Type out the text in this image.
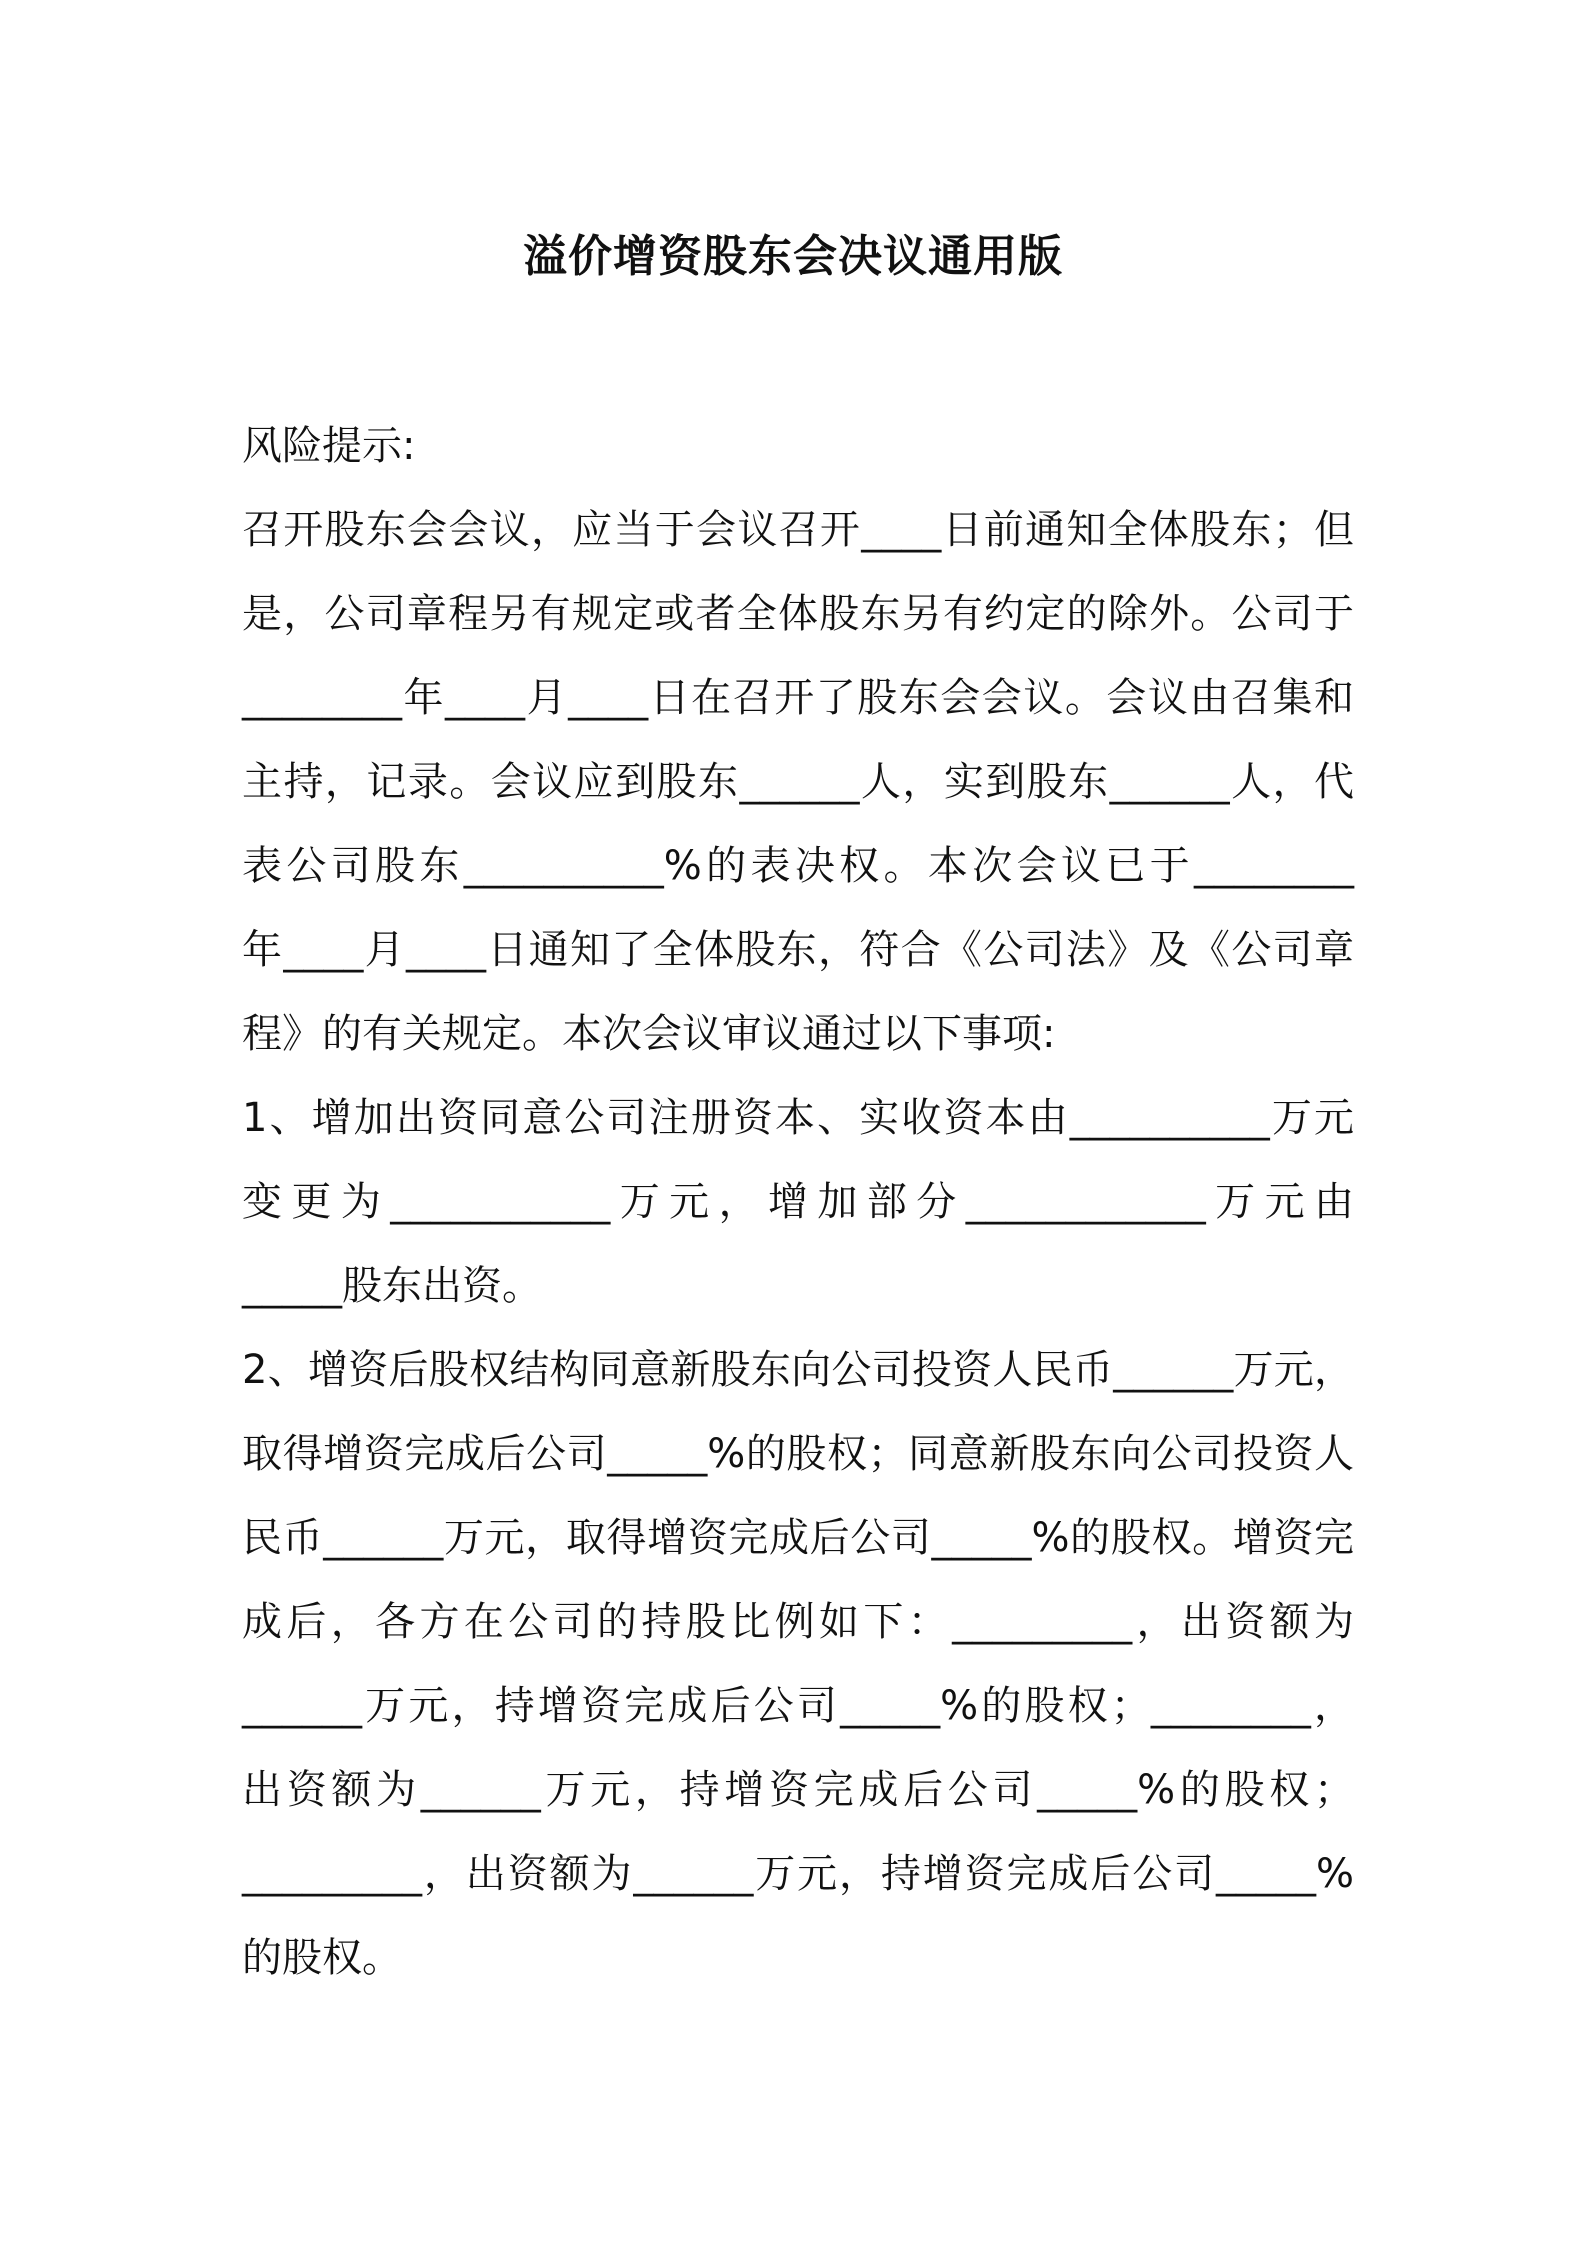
溢价增资股东会决议通用版
风险提示:
召开股东会会议，应当于会议召开____日前通知全体股东；但
是，公司章程另有规定或者全体股东另有约定的除外。公司于
________年____月____日在召开了股东会会议。会议由召集和
主持，记录。会议应到股东______人，实到股东______人，代
表公司股东__________%的表决权。本次会议已于________
年____月____日通知了全体股东，符合《公司法》及《公司章
程》的有关规定。本次会议审议通过以下事项:
1、增加出资同意公司注册资本、实收资本由__________万元
变更为___________万元，增加部分____________万元由
_____股东出资。
2、增资后股权结构同意新股东向公司投资人民币______万元，
取得增资完成后公司_____%的股权；同意新股东向公司投资人
民币______万元，取得增资完成后公司_____%的股权。增资完
成后，各方在公司的持股比例如下：_________，出资额为
______万元，持增资完成后公司_____%的股权；________，
出资额为______万元，持增资完成后公司_____%的股权；
_________，出资额为______万元，持增资完成后公司_____%
的股权。
